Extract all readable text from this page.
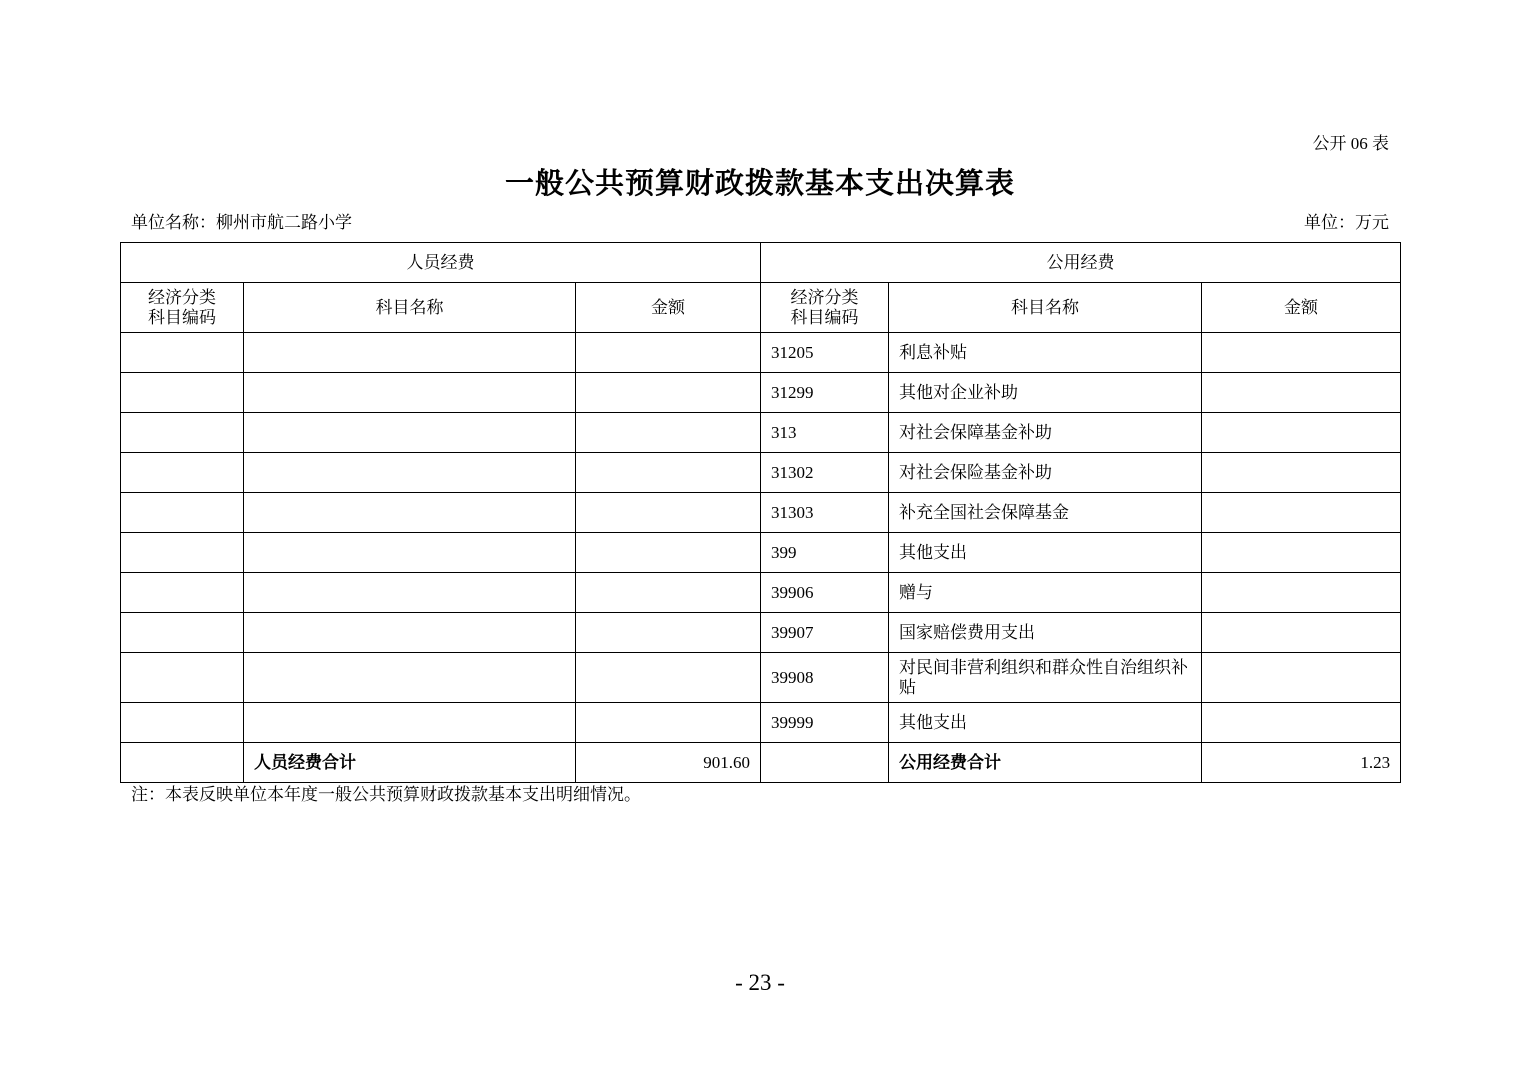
公开 06 表
一般公共预算财政拨款基本支出决算表
单位名称：柳州市航二路小学	单位：万元
人员经费			公用经费		

经济分类科目编码	科目名称	金额	经济分类科目编码	科目名称	金额
			31205	利息补贴	
			31299	其他对企业补助	
			313	对社会保障基金补助	
			31302	对社会保险基金补助	
			31303	补充全国社会保障基金	
			399	其他支出	
			39906	赠与	
			39907	国家赔偿费用支出	
			39908	对民间非营利组织和群众性自治组织补贴	
			39999	其他支出	
	人员经费合计	901.60		公用经费合计	1.23
注：本表反映单位本年度一般公共预算财政拨款基本支出明细情况。
- 23 -
